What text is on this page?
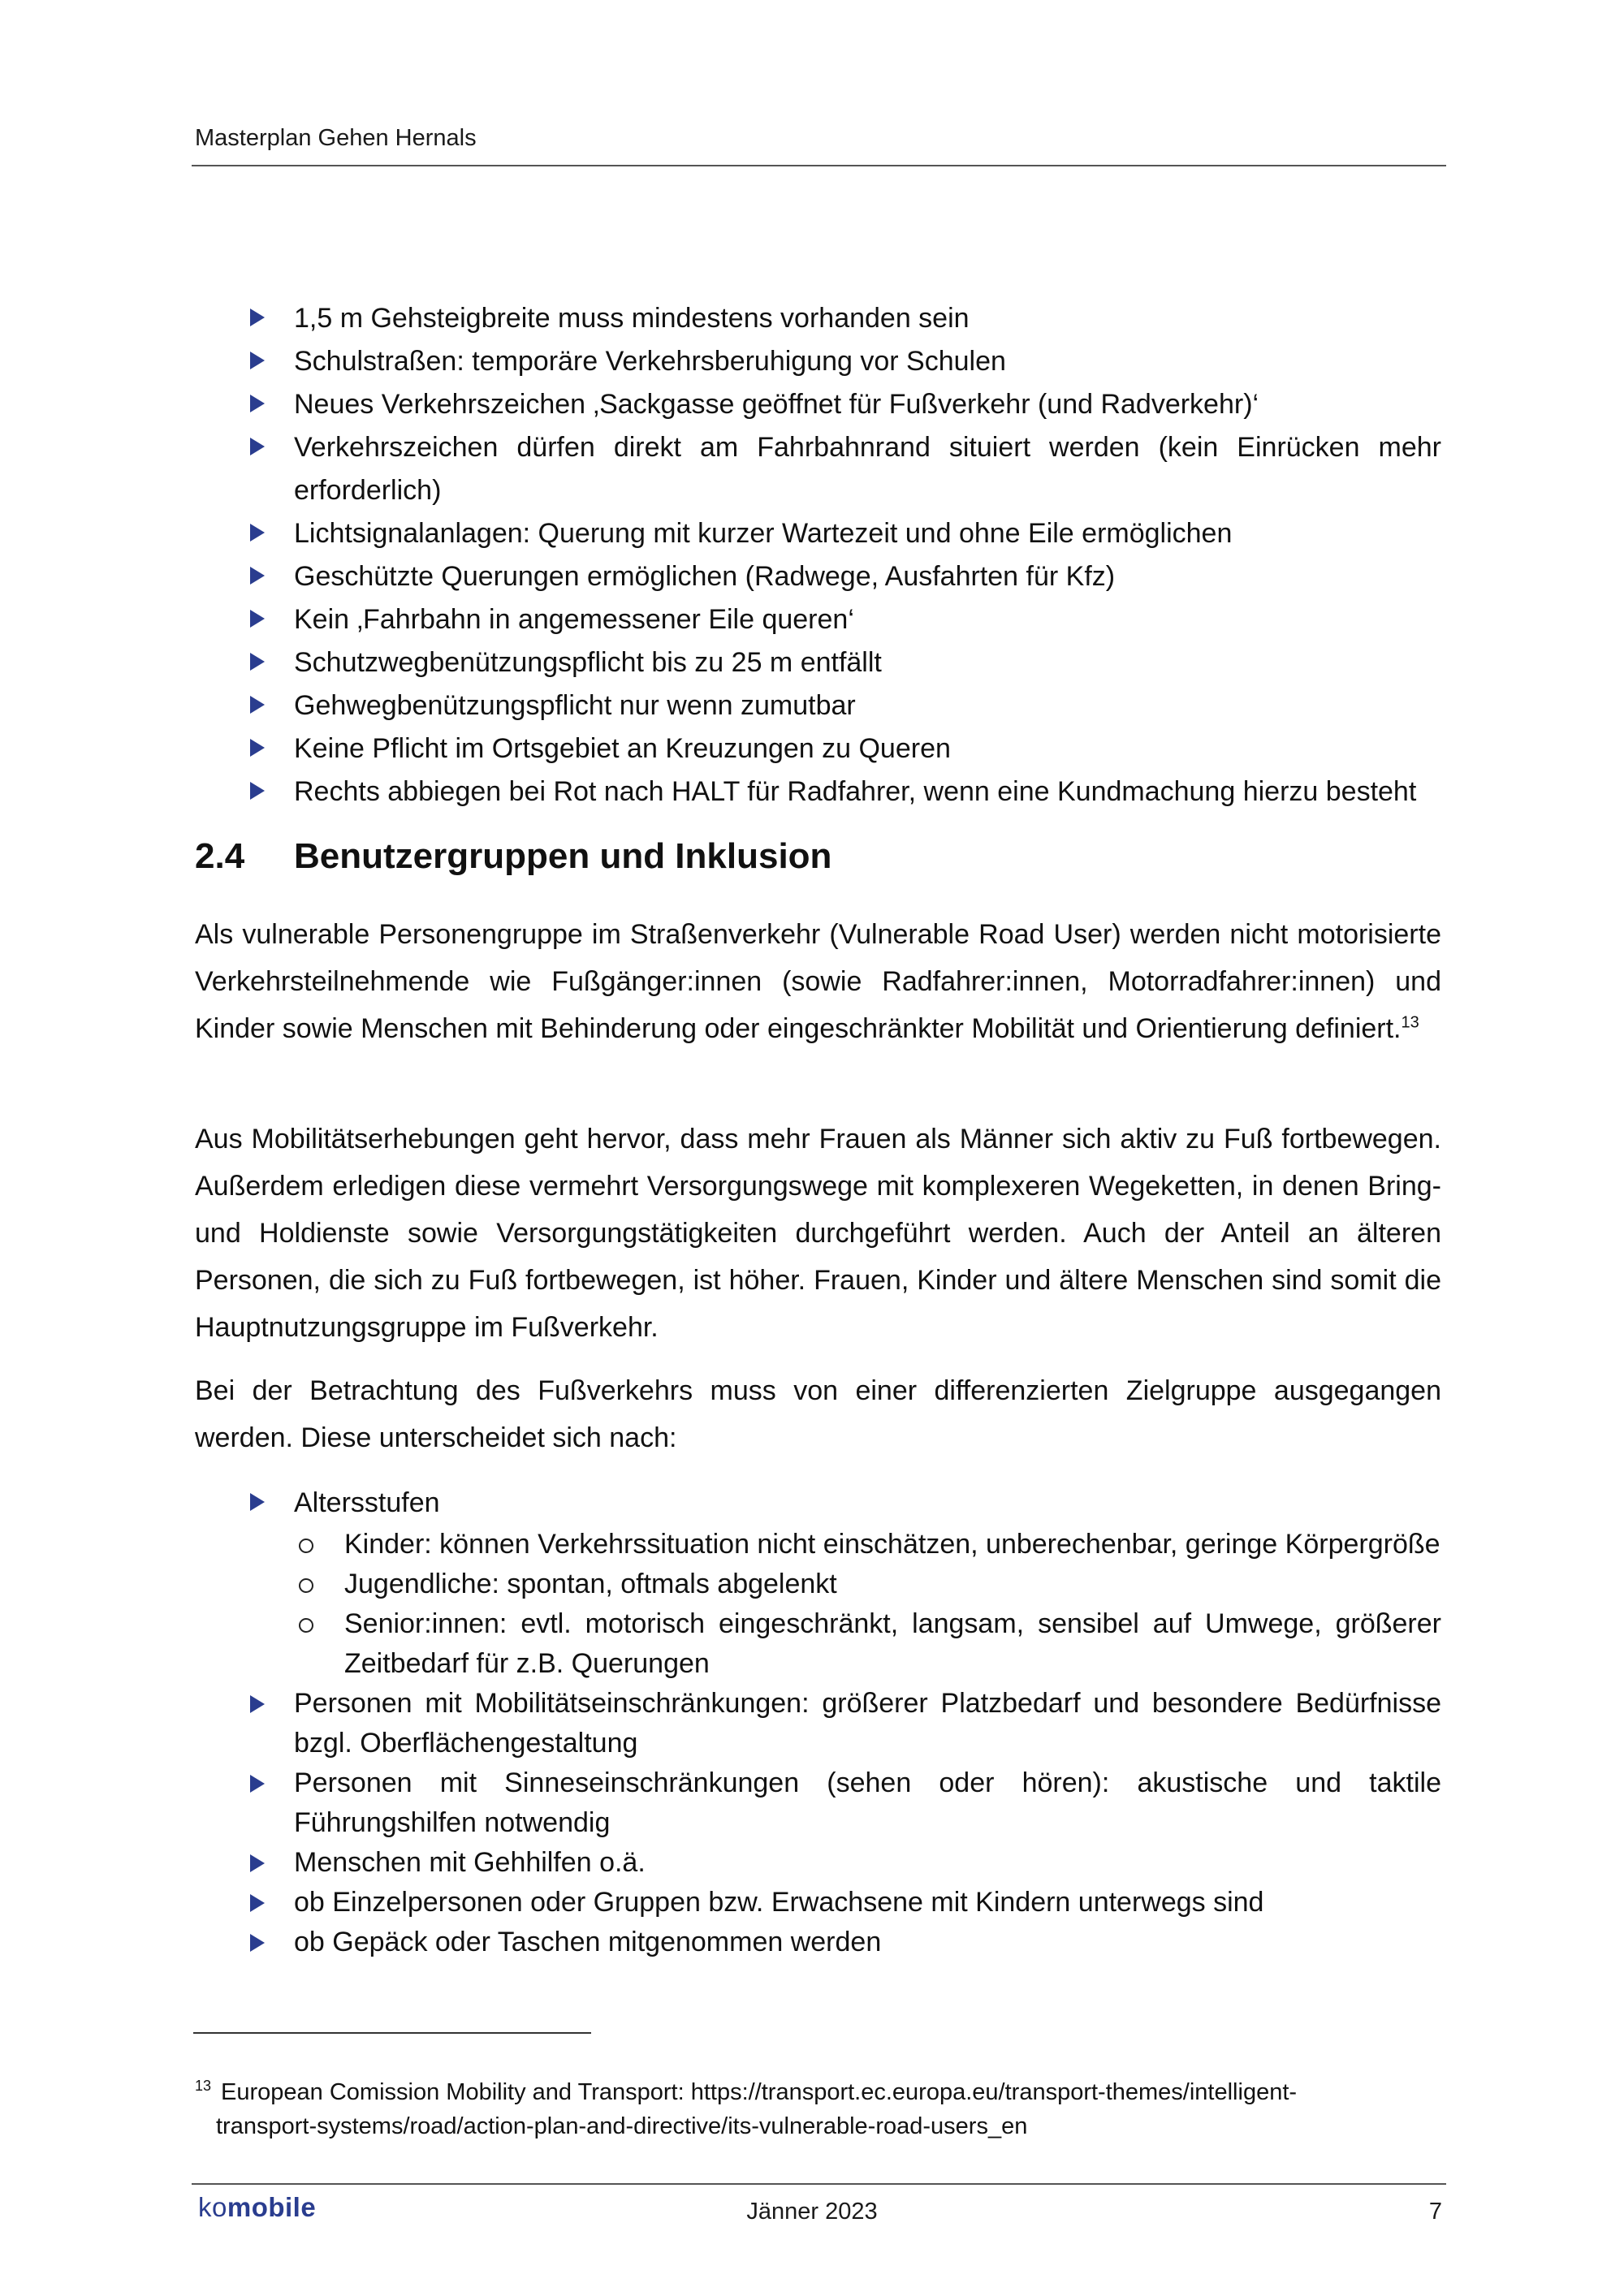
Masterplan Gehen Hernals
1,5 m Gehsteigbreite muss mindestens vorhanden sein
Schulstraßen: temporäre Verkehrsberuhigung vor Schulen
Neues Verkehrszeichen ‚Sackgasse geöffnet für Fußverkehr (und Radverkehr)‘
Verkehrszeichen dürfen direkt am Fahrbahnrand situiert werden (kein Einrücken mehr erforderlich)
Lichtsignalanlagen: Querung mit kurzer Wartezeit und ohne Eile ermöglichen
Geschützte Querungen ermöglichen (Radwege, Ausfahrten für Kfz)
Kein ‚Fahrbahn in angemessener Eile queren‘
Schutzwegbenützungspflicht bis zu 25 m entfällt
Gehwegbenützungspflicht nur wenn zumutbar
Keine Pflicht im Ortsgebiet an Kreuzungen zu Queren
Rechts abbiegen bei Rot nach HALT für Radfahrer, wenn eine Kundmachung hierzu besteht
2.4 Benutzergruppen und Inklusion

Als vulnerable Personengruppe im Straßenverkehr (Vulnerable Road User) werden nicht motorisierte Verkehrsteilnehmende wie Fußgänger:innen (sowie Radfahrer:innen, Motorradfahrer:innen) und Kinder sowie Menschen mit Behinderung oder eingeschränkter Mobilität und Orientierung definiert.$^{13}$

Aus Mobilitätserhebungen geht hervor, dass mehr Frauen als Männer sich aktiv zu Fuß fortbewegen. Außerdem erledigen diese vermehrt Versorgungswege mit komplexeren Wegeketten, in denen Bring- und Holdienste sowie Versorgungstätigkeiten durchgeführt werden. Auch der Anteil an älteren Personen, die sich zu Fuß fortbewegen, ist höher. Frauen, Kinder und ältere Menschen sind somit die Hauptnutzungsgruppe im Fußverkehr.

Bei der Betrachtung des Fußverkehrs muss von einer differenzierten Zielgruppe ausgegangen werden. Diese unterscheidet sich nach:

Altersstufen
Kinder: können Verkehrssituation nicht einschätzen, unberechenbar, geringe Körpergröße
Jugendliche: spontan, oftmals abgelenkt
Senior:innen: evtl. motorisch eingeschränkt, langsam, sensibel auf Umwege, größerer Zeitbedarf für z.B. Querungen
Personen mit Mobilitätseinschränkungen: größerer Platzbedarf und besondere Bedürfnisse bzgl. Oberflächengestaltung
Personen mit Sinneseinschränkungen (sehen oder hören): akustische und taktile Führungshilfen notwendig
Menschen mit Gehhilfen o.ä.
ob Einzelpersonen oder Gruppen bzw. Erwachsene mit Kindern unterwegs sind
ob Gepäck oder Taschen mitgenommen werden

$^{13}$ European Comission Mobility and Transport: https://transport.ec.europa.eu/transport-themes/intelligent-
transport-systems/road/action-plan-and-directive/its-vulnerable-road-users_en

komobile	Jänner 2023	7
